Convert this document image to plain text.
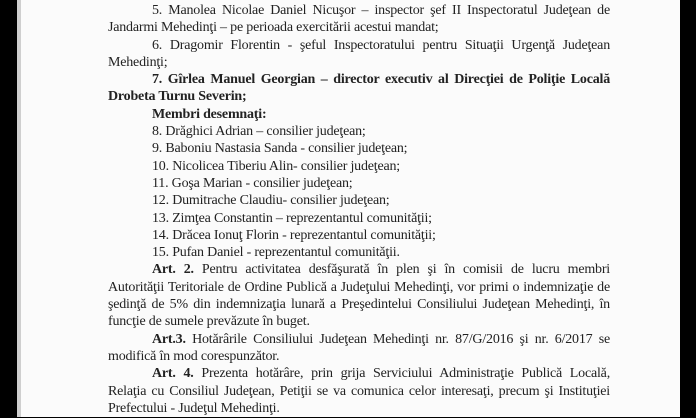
5. Manolea Nicolae Daniel Nicuşor – inspector şef II Inspectoratul Judeţean de Jandarmi Mehedinţi – pe perioada exercitării acestui mandat;

6. Dragomir Florentin - şeful Inspectoratului pentru Situaţii Urgenţă Judeţean Mehedinţi;

7. Gîrlea Manuel Georgian – director executiv al Direcţiei de Poliţie Locală Drobeta Turnu Severin;

Membri desemnaţi:

8. Drăghici Adrian – consilier judeţean;

9. Baboniu Nastasia Sanda - consilier judeţean;

10. Nicolicea Tiberiu Alin- consilier judeţean;

11. Goşa Marian - consilier judeţean;

12. Dumitrache Claudiu- consilier judeţean;

13. Zimţea Constantin – reprezentantul comunităţii;

14. Drăcea Ionuţ Florin - reprezentantul comunităţii;

15. Pufan Daniel - reprezentantul comunităţii.

Art. 2. Pentru activitatea desfăşurată în plen şi în comisii de lucru membri Autorităţii Teritoriale de Ordine Publică a Judeţului Mehedinţi, vor primi o indemnizaţie de şedinţă de 5% din indemnizaţia lunară a Preşedintelui Consiliului Judeţean Mehedinţi, în funcţie de sumele prevăzute în buget.

Art.3. Hotărârile Consiliului Judeţean Mehedinţi nr. 87/G/2016 şi nr. 6/2017 se modifică în mod corespunzător.

Art. 4. Prezenta hotărâre, prin grija Serviciului Administraţie Publică Locală, Relaţia cu Consiliul Judeţean, Petiţii se va comunica celor interesaţi, precum şi Instituţiei Prefectului - Judeţul Mehedinţi.
